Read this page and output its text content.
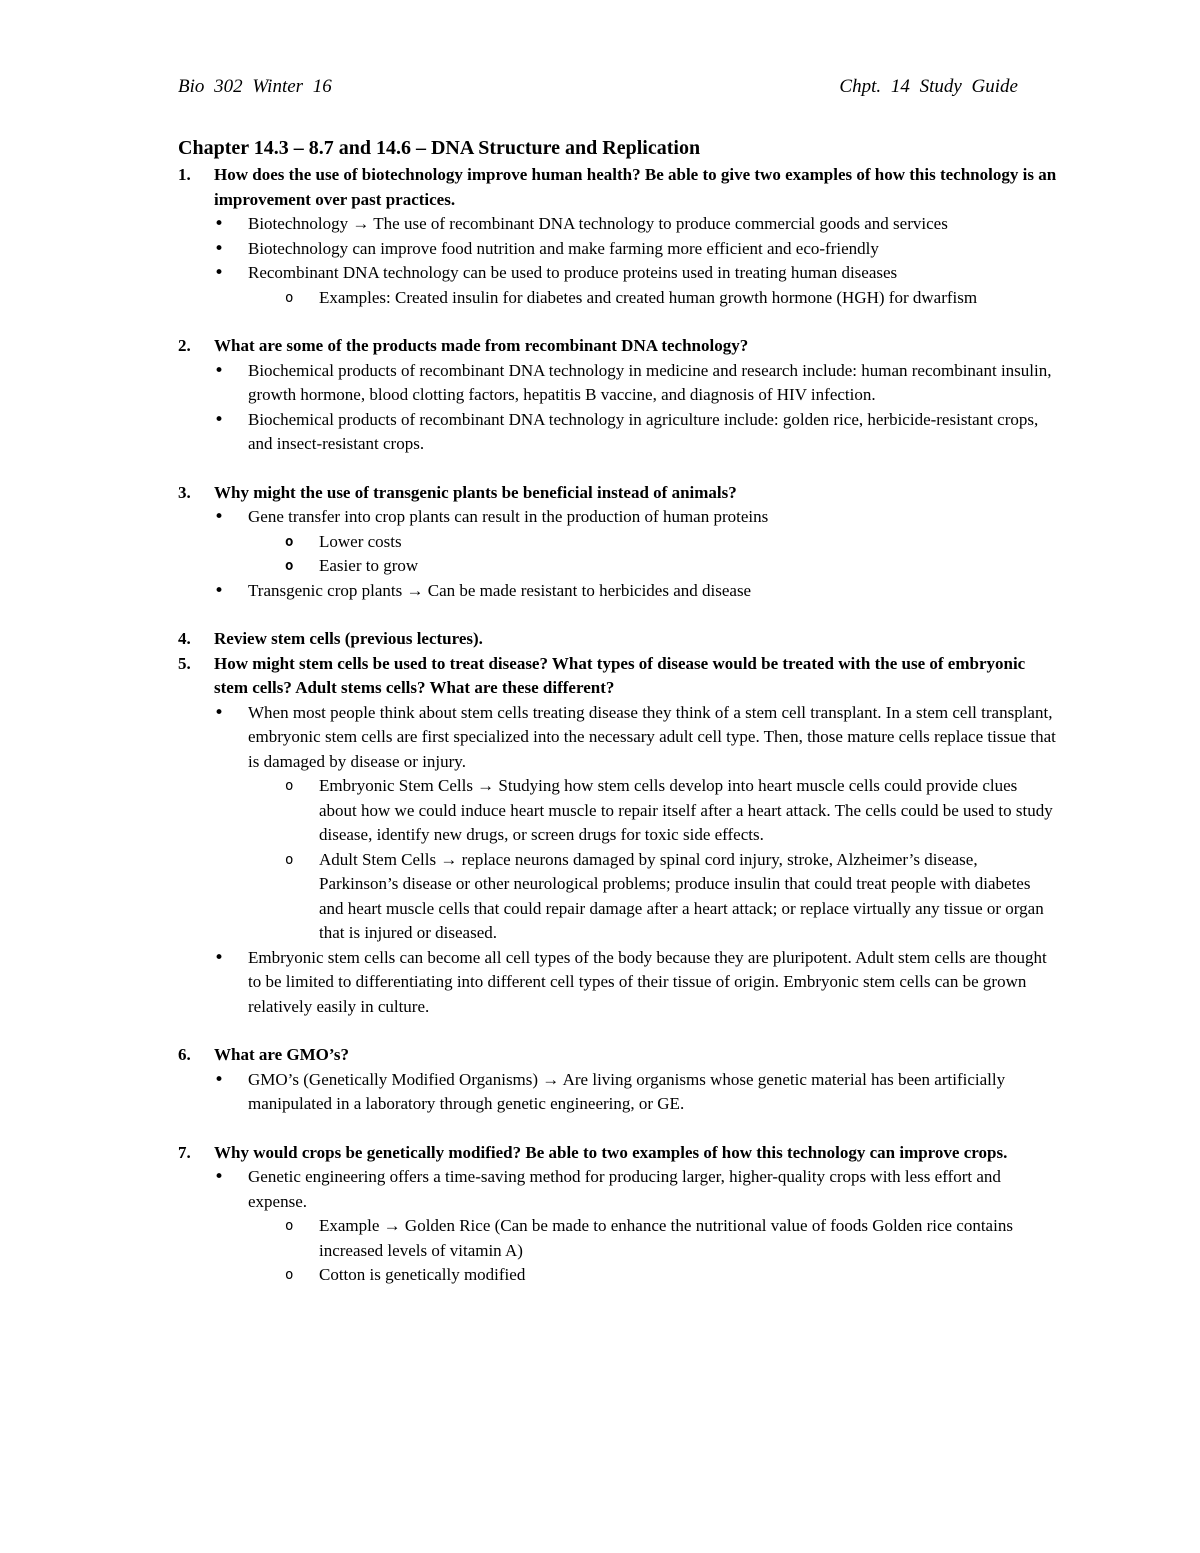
Bio 302 Winter 16	Chpt. 14 Study Guide
Chapter 14.3 – 8.7 and 14.6 – DNA Structure and Replication
1.	How does the use of biotechnology improve human health? Be able to give two examples of how this technology is an improvement over past practices.
• Biotechnology → The use of recombinant DNA technology to produce commercial goods and services
• Biotechnology can improve food nutrition and make farming more efficient and eco-friendly
• Recombinant DNA technology can be used to produce proteins used in treating human diseases
o Examples: Created insulin for diabetes and created human growth hormone (HGH) for dwarfism
2.	What are some of the products made from recombinant DNA technology?
• Biochemical products of recombinant DNA technology in medicine and research include: human recombinant insulin, growth hormone, blood clotting factors, hepatitis B vaccine, and diagnosis of HIV infection.
• Biochemical products of recombinant DNA technology in agriculture include: golden rice, herbicide-resistant crops, and insect-resistant crops.
3.	Why might the use of transgenic plants be beneficial instead of animals?
• Gene transfer into crop plants can result in the production of human proteins
o Lower costs
o Easier to grow
• Transgenic crop plants → Can be made resistant to herbicides and disease
4.	Review stem cells (previous lectures).
5.	How might stem cells be used to treat disease? What types of disease would be treated with the use of embryonic stem cells? Adult stems cells? What are these different?
• When most people think about stem cells treating disease they think of a stem cell transplant. In a stem cell transplant, embryonic stem cells are first specialized into the necessary adult cell type. Then, those mature cells replace tissue that is damaged by disease or injury.
o Embryonic Stem Cells → Studying how stem cells develop into heart muscle cells could provide clues about how we could induce heart muscle to repair itself after a heart attack. The cells could be used to study disease, identify new drugs, or screen drugs for toxic side effects.
o Adult Stem Cells → replace neurons damaged by spinal cord injury, stroke, Alzheimer’s disease, Parkinson’s disease or other neurological problems; produce insulin that could treat people with diabetes and heart muscle cells that could repair damage after a heart attack; or replace virtually any tissue or organ that is injured or diseased.
• Embryonic stem cells can become all cell types of the body because they are pluripotent. Adult stem cells are thought to be limited to differentiating into different cell types of their tissue of origin. Embryonic stem cells can be grown relatively easily in culture.
6.	What are GMO’s?
• GMO’s (Genetically Modified Organisms) → Are living organisms whose genetic material has been artificially manipulated in a laboratory through genetic engineering, or GE.
7.	Why would crops be genetically modified? Be able to two examples of how this technology can improve crops.
• Genetic engineering offers a time-saving method for producing larger, higher-quality crops with less effort and expense.
o Example → Golden Rice (Can be made to enhance the nutritional value of foods Golden rice contains increased levels of vitamin A)
o Cotton is genetically modified
